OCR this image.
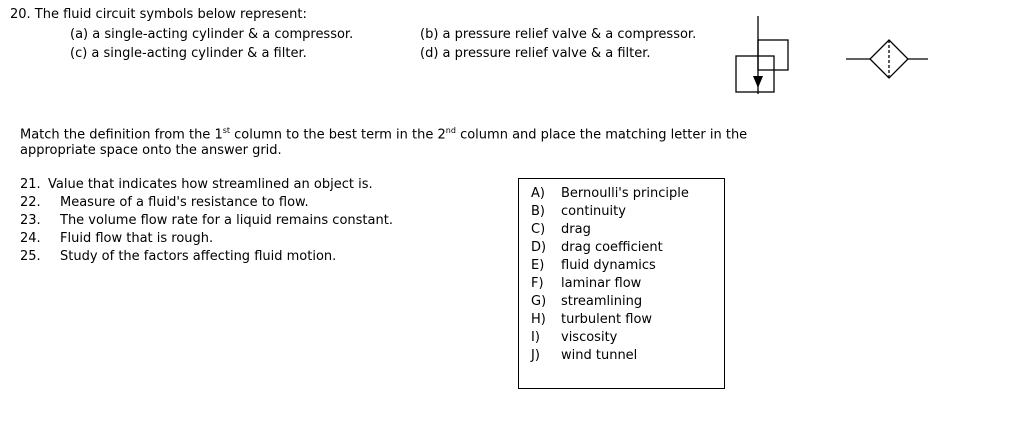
20. The fluid circuit symbols below represent:
(a) a single-acting cylinder & a compressor.	(b) a pressure relief valve & a compressor.
(c) a single-acting cylinder & a filter.	(d) a pressure relief valve & a filter.
Match the definition from the 1st column to the best term in the 2nd column and place the matching letter in the
appropriate space onto the answer grid.
21. Value that indicates how streamlined an object is.
22. Measure of a fluid's resistance to flow.
23. The volume flow rate for a liquid remains constant.
24. Fluid flow that is rough.
25. Study of the factors affecting fluid motion.
A) Bernoulli's principle
B) continuity
C) drag
D) drag coefficient
E) fluid dynamics
F) laminar flow
G) streamlining
H) turbulent flow
I) viscosity
J) wind tunnel
